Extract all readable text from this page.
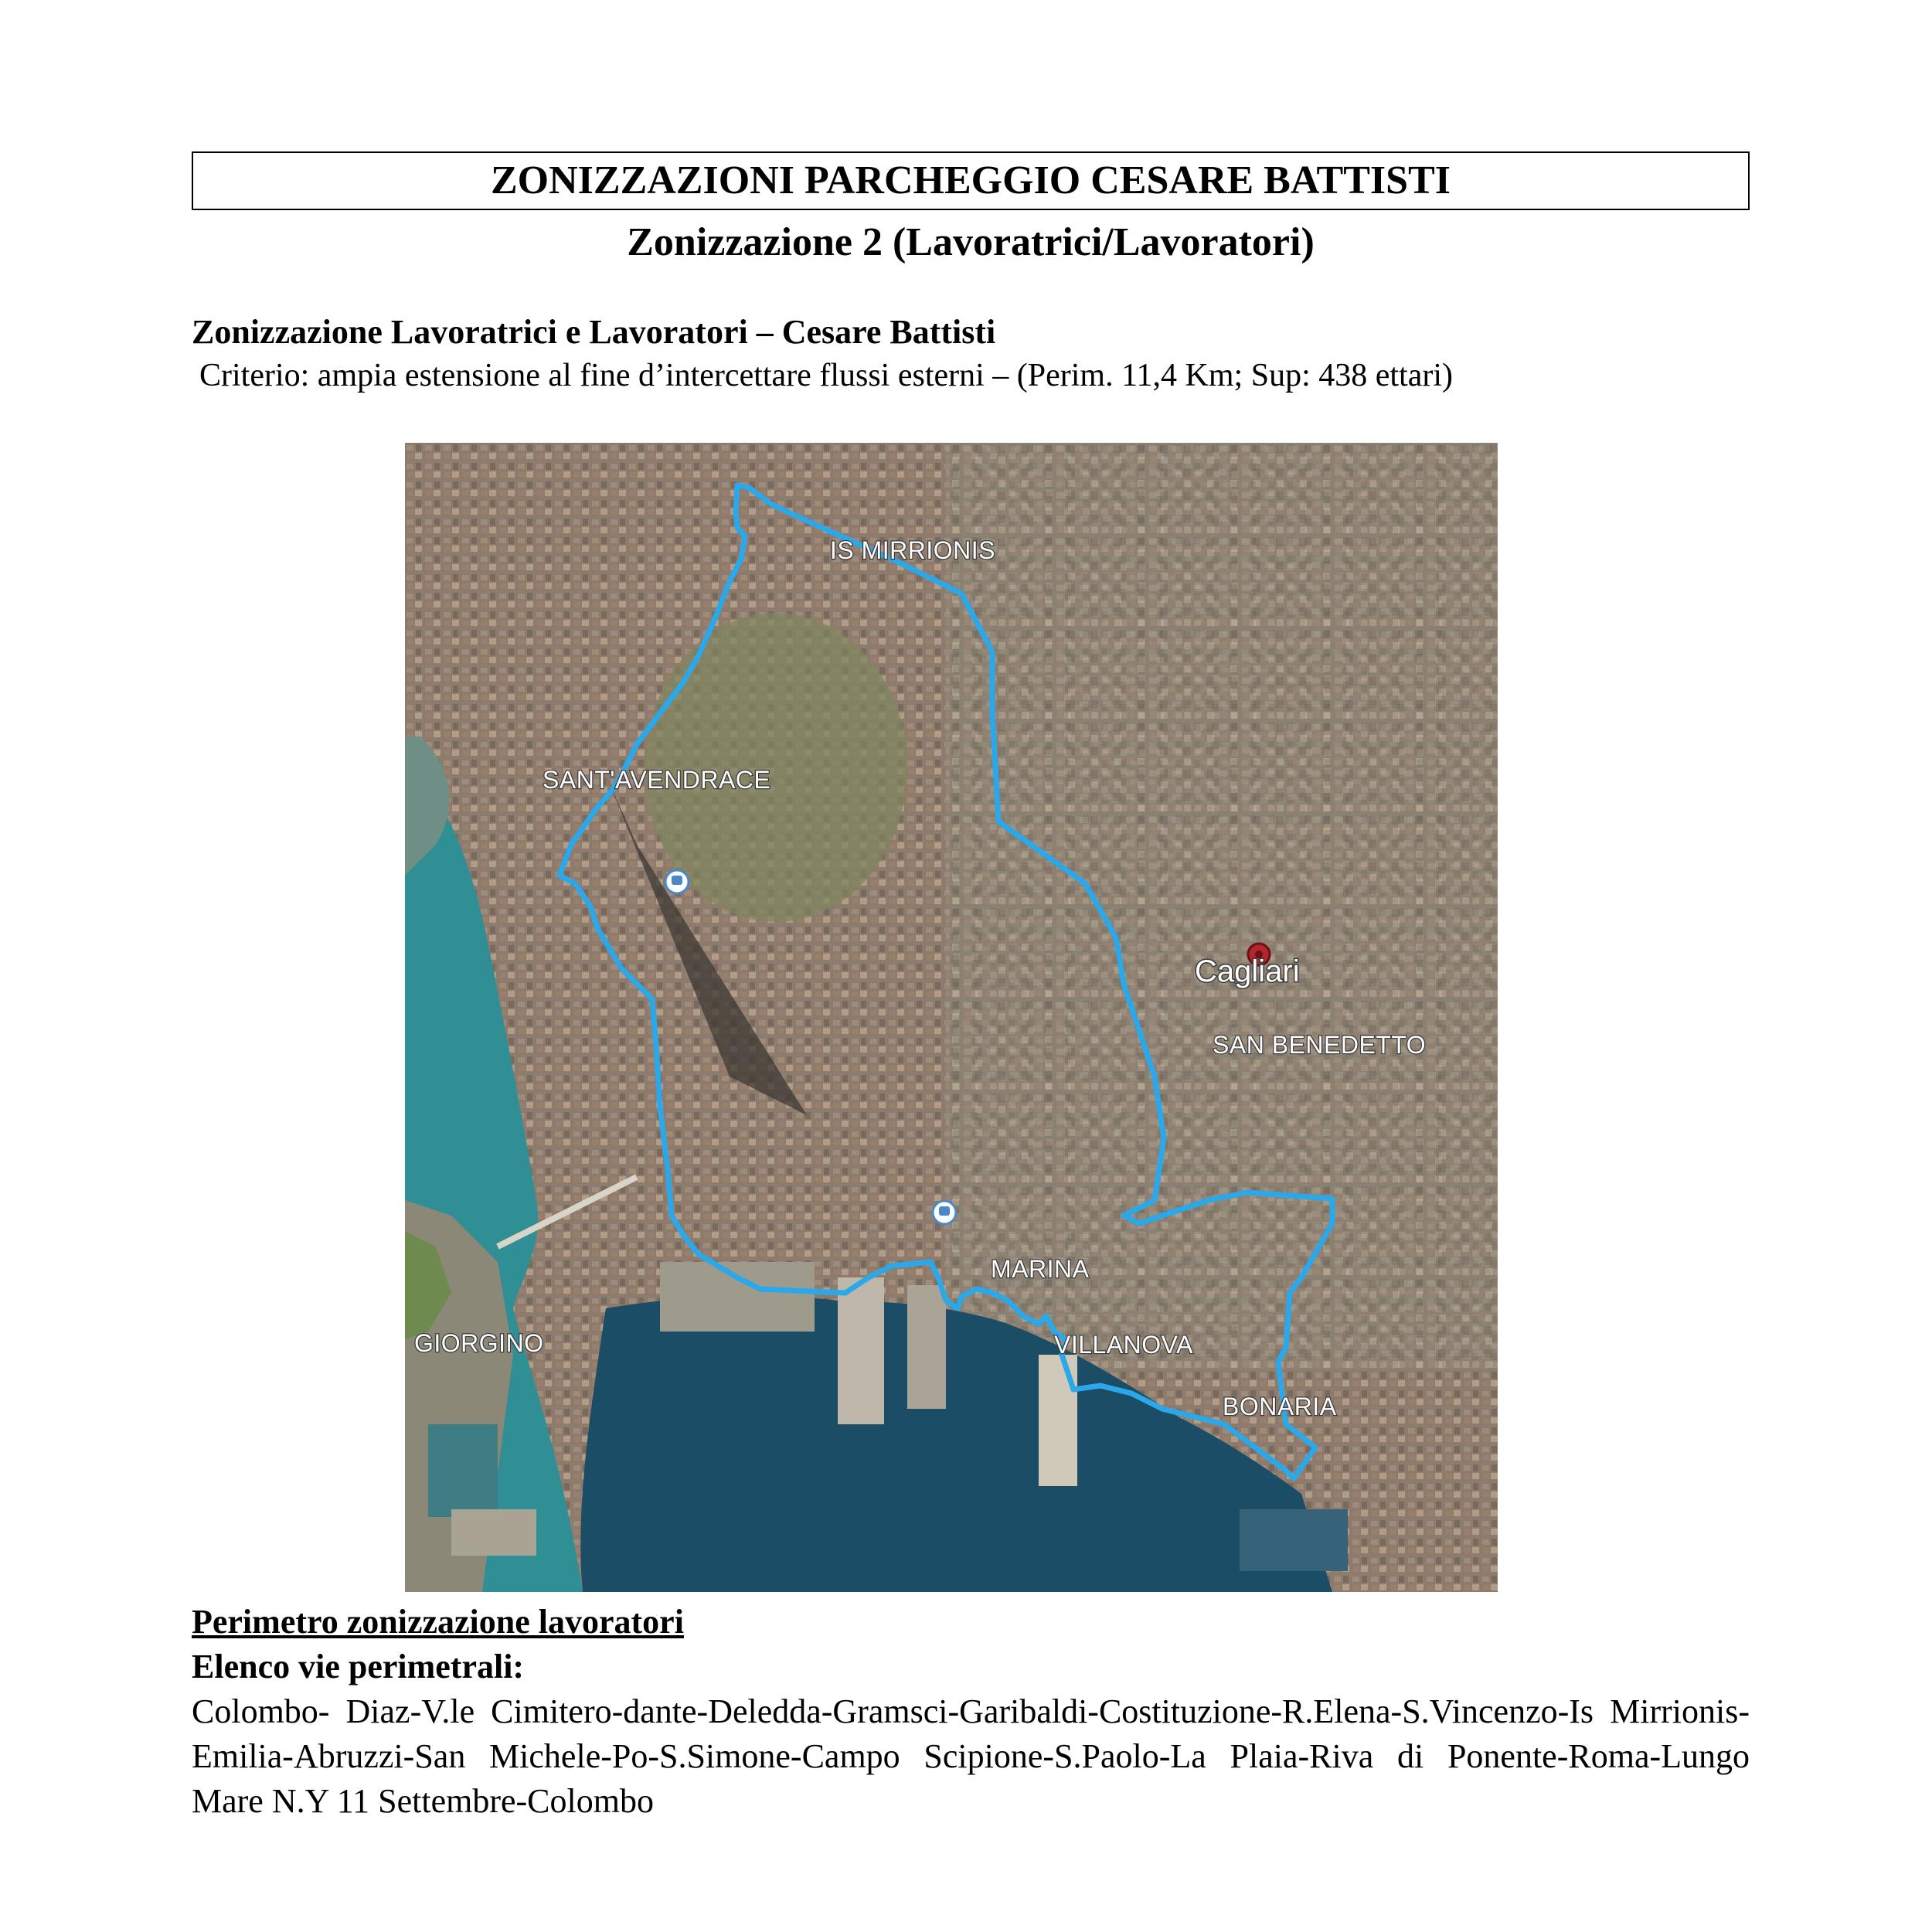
ZONIZZAZIONI PARCHEGGIO CESARE BATTISTI
Zonizzazione 2 (Lavoratrici/Lavoratori)
Zonizzazione Lavoratrici e Lavoratori – Cesare Battisti
Criterio: ampia estensione al fine d’intercettare flussi esterni – (Perim. 11,4 Km; Sup: 438 ettari)
IS MIRRIONIS
SANT'AVENDRACE
Cagliari
SAN BENEDETTO
MARINA
VILLANOVA
BONARIA
GIORGINO
Perimetro zonizzazione lavoratori
Elenco vie perimetrali:
Colombo- Diaz-V.le Cimitero-dante-Deledda-Gramsci-Garibaldi-Costituzione-R.Elena-S.Vincenzo-Is Mirrionis- Emilia-Abruzzi-San Michele-Po-S.Simone-Campo Scipione-S.Paolo-La Plaia-Riva di Ponente-Roma-Lungo Mare N.Y 11 Settembre-Colombo
